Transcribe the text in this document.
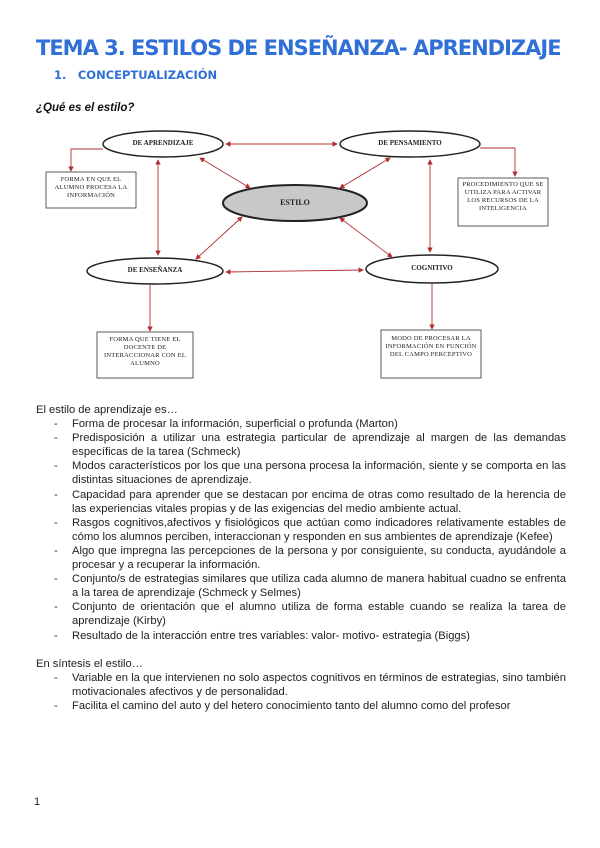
TEMA 3. ESTILOS DE ENSEÑANZA- APRENDIZAJE
1. CONCEPTUALIZACIÓN
¿Qué es el estilo?
DE APRENDIZAJE	DE PENSAMIENTO
ESTILO
DE ENSEÑANZA	COGNITIVO
FORMA EN QUE EL ALUMNO PROCESA LA INFORMACIÓN
PROCEDIMIENTO QUE SE UTILIZA PARA ACTIVAR LOS RECURSOS DE LA INTELIGENCIA
FORMA QUE TIENE EL DOCENTE DE INTERACCIONAR CON EL ALUMNO
MODO DE PROCESAR LA INFORMACIÓN EN FUNCIÓN DEL CAMPO PERCEPTIVO

El estilo de aprendizaje es…

- Forma de procesar la información, superficial o profunda (Marton)
- Predisposición a utilizar una estrategia particular de aprendizaje al margen de las demandas específicas de la tarea (Schmeck)
- Modos característicos por los que una persona procesa la información, siente y se comporta en las distintas situaciones de aprendizaje.
- Capacidad para aprender que se destacan por encima de otras como resultado de la herencia de las experiencias vitales propias y de las exigencias del medio ambiente actual.
- Rasgos cognitivos,afectivos y fisiológicos que actúan como indicadores relativamente estables de cómo los alumnos perciben, interaccionan y responden en sus ambientes de aprendizaje (Kefee)
- Algo que impregna las percepciones de la persona y por consiguiente, su conducta, ayudándole a procesar y a recuperar la información.
- Conjunto/s de estrategias similares que utiliza cada alumno de manera habitual cuadno se enfrenta a la tarea de aprendizaje (Schmeck y Selmes)
- Conjunto de orientación que el alumno utiliza de forma estable cuando se realiza la tarea de aprendizaje (Kirby)
- Resultado de la interacción entre tres variables: valor- motivo- estrategia (Biggs)

En síntesis el estilo…

- Variable en la que intervienen no solo aspectos cognitivos en términos de estrategias, sino también motivacionales afectivos y de personalidad.
- Facilita el camino del auto y del hetero conocimiento tanto del alumno como del profesor
1
